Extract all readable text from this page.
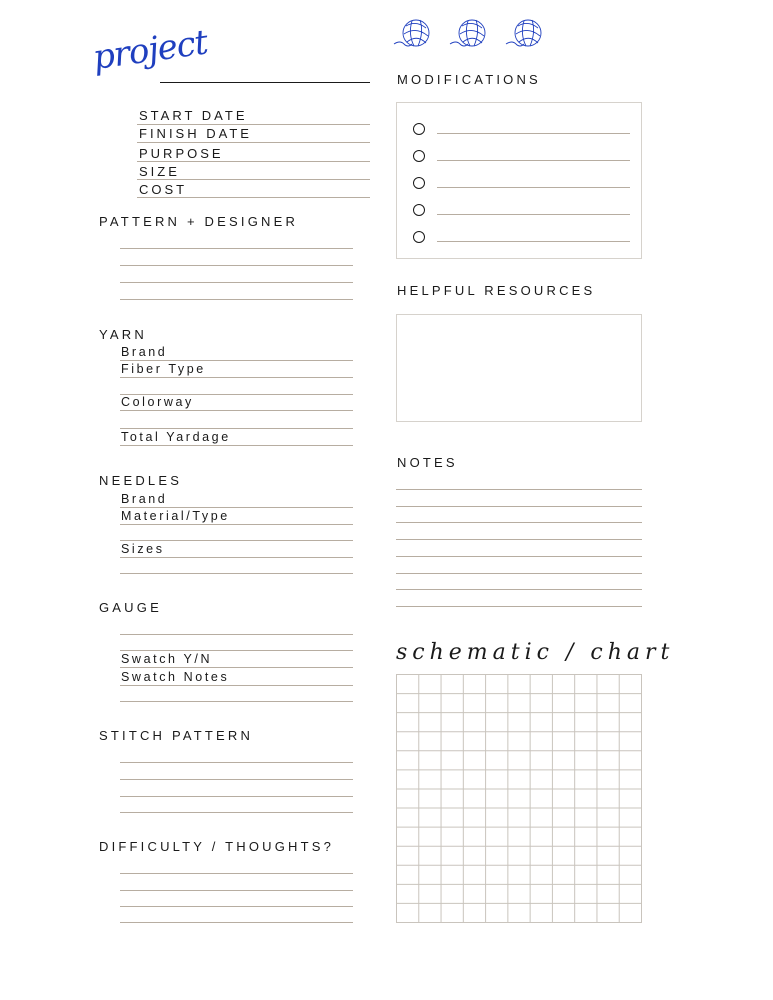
project
START DATE
FINISH DATE
PURPOSE
SIZE
COST
PATTERN + DESIGNER
YARN
Brand
Fiber Type
Colorway
Total Yardage
NEEDLES
Brand
Material/Type
Sizes
GAUGE
Swatch Y/N
Swatch Notes
STITCH PATTERN
DIFFICULTY / THOUGHTS?
MODIFICATIONS
HELPFUL RESOURCES
NOTES
schematic / chart
